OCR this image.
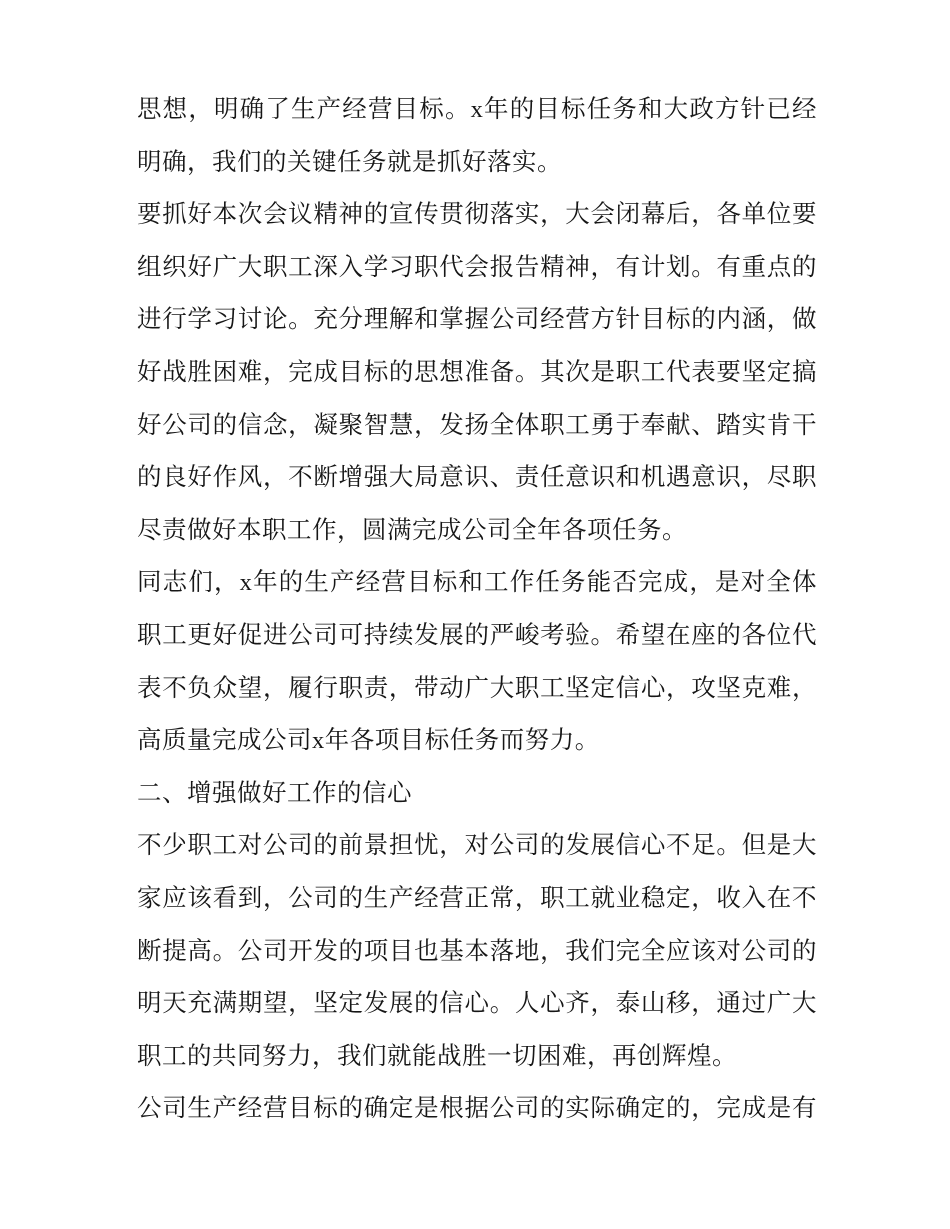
思想，明确了生产经营目标。x年的目标任务和大政方针已经
明确，我们的关键任务就是抓好落实。
要抓好本次会议精神的宣传贯彻落实，大会闭幕后，各单位要
组织好广大职工深入学习职代会报告精神，有计划。有重点的
进行学习讨论。充分理解和掌握公司经营方针目标的内涵，做
好战胜困难，完成目标的思想准备。其次是职工代表要坚定搞
好公司的信念，凝聚智慧，发扬全体职工勇于奉献、踏实肯干
的良好作风，不断增强大局意识、责任意识和机遇意识，尽职
尽责做好本职工作，圆满完成公司全年各项任务。
同志们，x年的生产经营目标和工作任务能否完成，是对全体
职工更好促进公司可持续发展的严峻考验。希望在座的各位代
表不负众望，履行职责，带动广大职工坚定信心，攻坚克难，
高质量完成公司x年各项目标任务而努力。
二、增强做好工作的信心
不少职工对公司的前景担忧，对公司的发展信心不足。但是大
家应该看到，公司的生产经营正常，职工就业稳定，收入在不
断提高。公司开发的项目也基本落地，我们完全应该对公司的
明天充满期望，坚定发展的信心。人心齐，泰山移，通过广大
职工的共同努力，我们就能战胜一切困难，再创辉煌。
公司生产经营目标的确定是根据公司的实际确定的，完成是有
